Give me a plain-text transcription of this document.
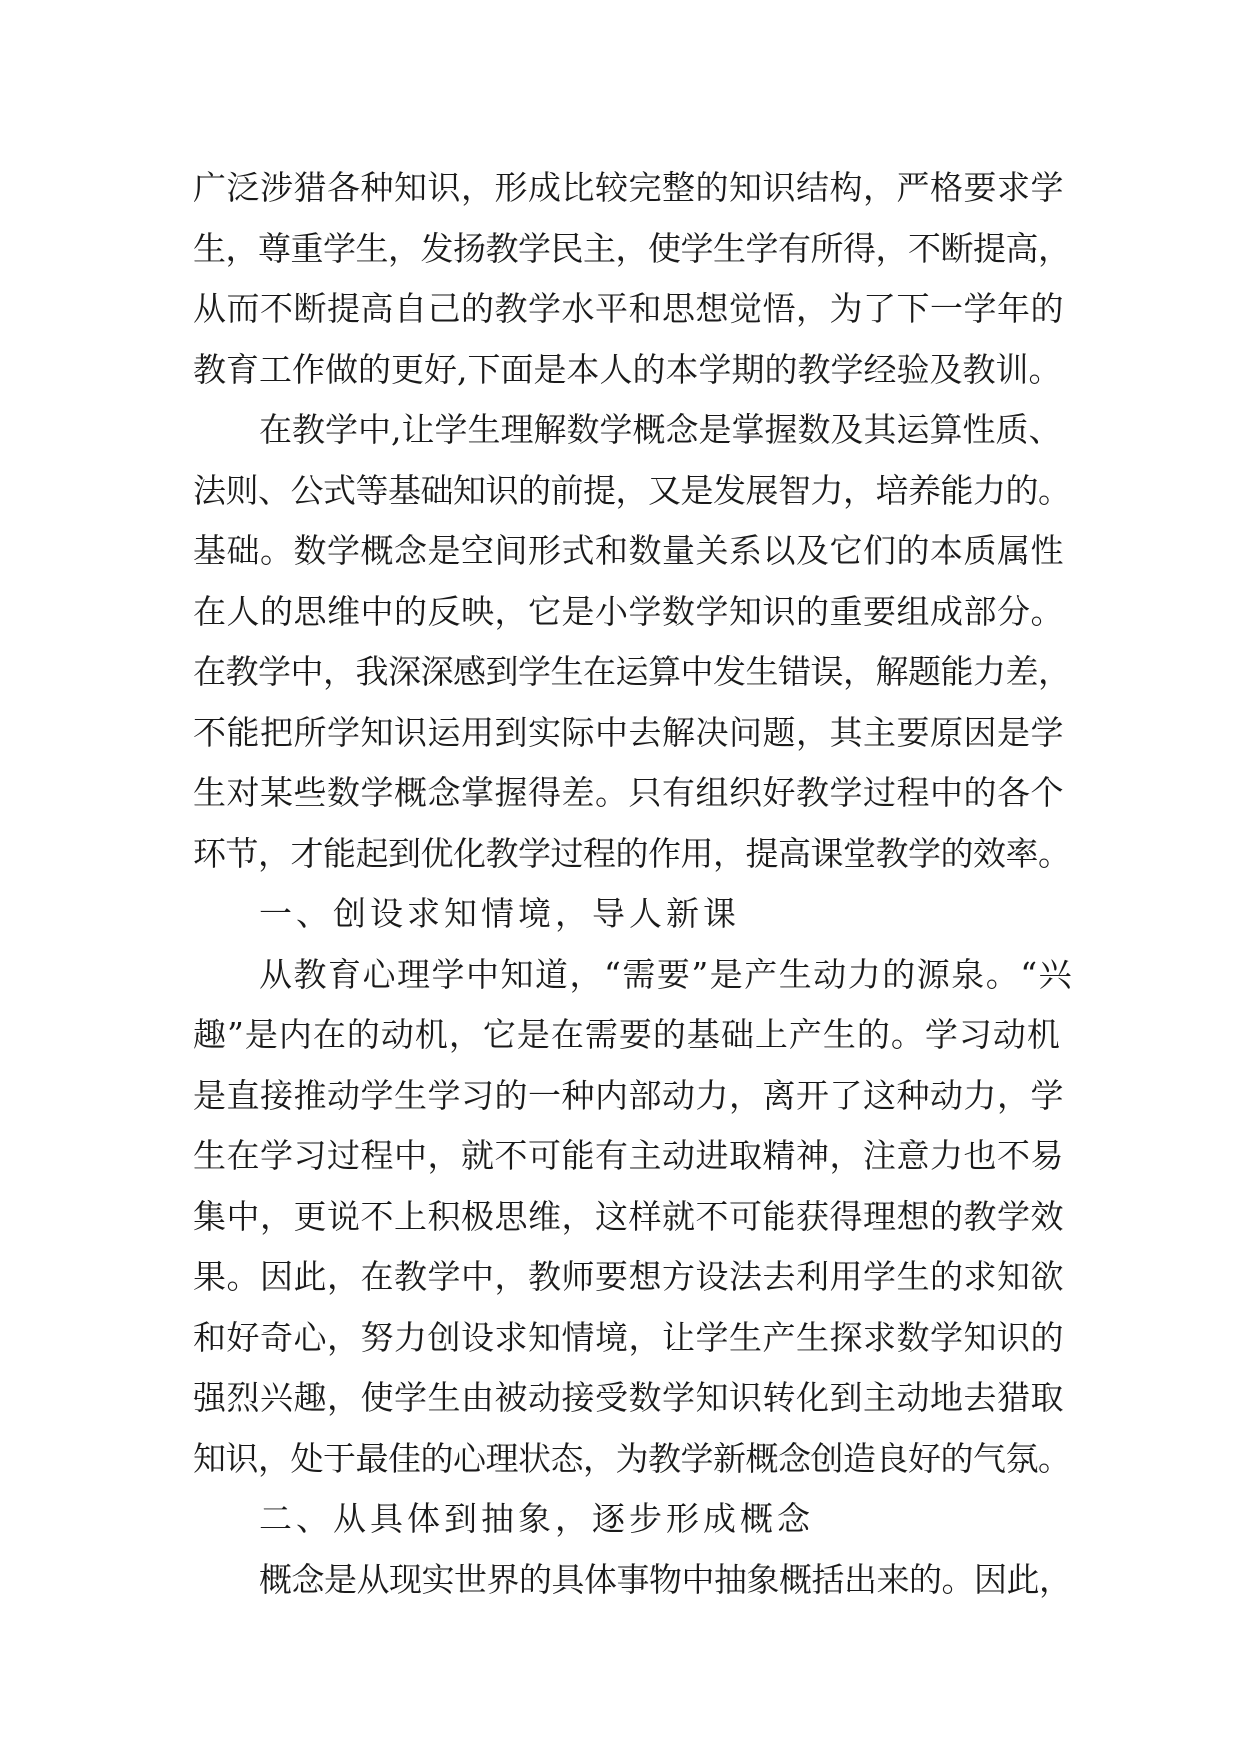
广泛涉猎各种知识，形成比较完整的知识结构，严格要求学
生，尊重学生，发扬教学民主，使学生学有所得，不断提高，
从而不断提高自己的教学水平和思想觉悟，为了下一学年的
教育工作做的更好,下面是本人的本学期的教学经验及教训。
在教学中,让学生理解数学概念是掌握数及其运算性质、
法则、公式等基础知识的前提，又是发展智力，培养能力的。
基础。数学概念是空间形式和数量关系以及它们的本质属性
在人的思维中的反映，它是小学数学知识的重要组成部分。
在教学中，我深深感到学生在运算中发生错误，解题能力差，
不能把所学知识运用到实际中去解决问题，其主要原因是学
生对某些数学概念掌握得差。只有组织好教学过程中的各个
环节，才能起到优化教学过程的作用，提高课堂教学的效率。
一、创设求知情境，导人新课
从教育心理学中知道，“需要”是产生动力的源泉。“兴
趣”是内在的动机，它是在需要的基础上产生的。学习动机
是直接推动学生学习的一种内部动力，离开了这种动力，学
生在学习过程中，就不可能有主动进取精神，注意力也不易
集中，更说不上积极思维，这样就不可能获得理想的教学效
果。因此，在教学中，教师要想方设法去利用学生的求知欲
和好奇心，努力创设求知情境，让学生产生探求数学知识的
强烈兴趣，使学生由被动接受数学知识转化到主动地去猎取
知识，处于最佳的心理状态，为教学新概念创造良好的气氛。
二、从具体到抽象，逐步形成概念
概念是从现实世界的具体事物中抽象概括出来的。因此，
